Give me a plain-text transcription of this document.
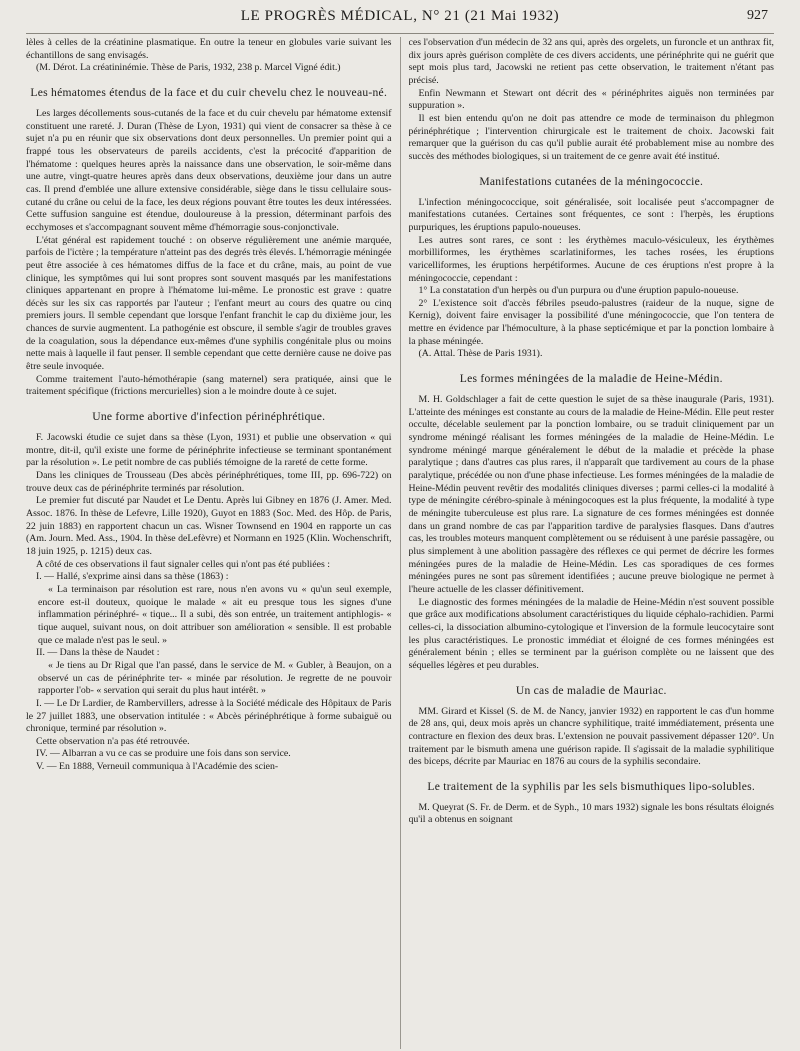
LE PROGRÈS MÉDICAL, N° 21 (21 Mai 1932)	927

lèles à celles de la créatinine plasmatique. En outre la teneur en globules varie suivant les échantillons de sang envisagés.

(M. Dérot. La créatininémie. Thèse de Paris, 1932, 238 p. Marcel Vigné édit.)

Les hématomes étendus de la face et du cuir chevelu chez le nouveau-né.

Les larges décollements sous-cutanés de la face et du cuir chevelu par hématome extensif constituent une rareté. J. Duran (Thèse de Lyon, 1931) qui vient de consacrer sa thèse à ce sujet n'a pu en réunir que six observations dont deux personnelles. Un premier point qui a frappé tous les observateurs de pareils accidents, c'est la précocité d'apparition de l'hématome : quelques heures après la naissance dans une observation, le soir-même dans une autre, vingt-quatre heures après dans deux observations, deuxième jour dans un autre cas. Il prend d'emblée une allure extensive considérable, siège dans le tissu cellulaire sous-cutané du crâne ou celui de la face, les deux régions pouvant être toutes les deux intéressées. Cette suffusion sanguine est étendue, douloureuse à la pression, déterminant parfois des ecchymoses et s'accompagnant souvent même d'hémorragie sous-conjonctivale.

L'état général est rapidement touché : on observe régulièrement une anémie marquée, parfois de l'ictère ; la température n'atteint pas des degrés très élevés. L'hémorragie méningée peut être associée à ces hématomes diffus de la face et du crâne, mais, au point de vue clinique, les symptômes qui lui sont propres sont souvent masqués par les manifestations cliniques appartenant en propre à l'hématome lui-même. Le pronostic est grave : quatre décès sur les six cas rapportés par l'auteur ; l'enfant meurt au cours des quatre ou cinq premiers jours. Il semble cependant que lorsque l'enfant franchit le cap du dixième jour, les chances de survie augmentent. La pathogénie est obscure, il semble s'agir de troubles graves de la coagulation, sous la dépendance eux-mêmes d'une syphilis congénitale plus ou moins nette mais à laquelle il faut penser. Il semble cependant que cette dernière cause ne doive pas être seule invoquée.

Comme traitement l'auto-hémothérapie (sang maternel) sera pratiquée, ainsi que le traitement spécifique (frictions mercurielles) sion a le moindre doute à ce sujet.

Une forme abortive d'infection périnéphrétique.

F. Jacowski étudie ce sujet dans sa thèse (Lyon, 1931) et publie une observation « qui montre, dit-il, qu'il existe une forme de périnéphrite infectieuse se terminant spontanément par la résolution ». Le petit nombre de cas publiés témoigne de la rareté de cette forme.

Dans les cliniques de Trousseau (Des abcès périnéphrétiques, tome III, pp. 696-722) on trouve deux cas de périnéphrite terminés par résolution.

Le premier fut discuté par Naudet et Le Dentu. Après lui Gibney en 1876 (J. Amer. Med. Assoc. 1876. In thèse de Lefevre, Lille 1920), Guyot en 1883 (Soc. Med. des Hôp. de Paris, 22 juin 1883) en rapportent chacun un cas. Wisner Townsend en 1904 en rapporte un cas (Am. Journ. Med. Ass., 1904. In thèse deLefèvre) et Normann en 1925 (Klin. Wochenschrift, 18 juin 1925, p. 1215) deux cas.

A côté de ces observations il faut signaler celles qui n'ont pas été publiées :

I. — Hallé, s'exprime ainsi dans sa thèse (1863) :

« La terminaison par résolution est rare, nous n'en avons vu « qu'un seul exemple, encore est-il douteux, quoique le malade « ait eu presque tous les signes d'une inflammation périnéphré- « tique... Il a subi, dès son entrée, un traitement antiphlogis- « tique auquel, suivant nous, on doit attribuer son amélioration « sensible. Il est probable que ce malade n'est pas le seul. »

II. — Dans la thèse de Naudet :

« Je tiens au Dr Rigal que l'an passé, dans le service de M. « Gubler, à Beaujon, on a observé un cas de périnéphrite ter- « minée par résolution. Je regrette de ne pouvoir rapporter l'ob- « servation qui serait du plus haut intérêt. »

I. — Le Dr Lardier, de Rambervillers, adresse à la Société médicale des Hôpitaux de Paris le 27 juillet 1883, une observation intitulée : « Abcès périnéphrétique à forme subaiguë ou chronique, terminé par résolution ».

Cette observation n'a pas été retrouvée.

IV. — Albarran a vu ce cas se produire une fois dans son service.

V. — En 1888, Verneuil communiqua à l'Académie des scien-

ces l'observation d'un médecin de 32 ans qui, après des orgelets, un furoncle et un anthrax fit, dix jours après guérison complète de ces divers accidents, une périnéphrite qui ne guérit que sept mois plus tard, Jacowski ne retient pas cette observation, le traitement n'étant pas précisé.

Enfin Newmann et Stewart ont décrit des « périnéphrites aiguës non terminées par suppuration ».

Il est bien entendu qu'on ne doit pas attendre ce mode de terminaison du phlegmon périnéphrétique ; l'intervention chirurgicale est le traitement de choix. Jacowski fait remarquer que la guérison du cas qu'il publie aurait été probablement mise au nombre des succès des méthodes biologiques, si un traitement de ce genre avait été institué.

Manifestations cutanées de la méningococcie.

L'infection méningococcique, soit généralisée, soit localisée peut s'accompagner de manifestations cutanées. Certaines sont fréquentes, ce sont : l'herpès, les éruptions purpuriques, les éruptions papulo-noueuses.

Les autres sont rares, ce sont : les érythèmes maculo-vésiculeux, les érythèmes morbilliformes, les érythèmes scarlatiniformes, les taches rosées, les éruptions varicelliformes, les éruptions herpétiformes. Aucune de ces éruptions n'est propre à la méningococcie, cependant :

1° La constatation d'un herpès ou d'un purpura ou d'une éruption papulo-noueuse.

2° L'existence soit d'accès fébriles pseudo-palustres (raideur de la nuque, signe de Kernig), doivent faire envisager la possibilité d'une méningococcie, que l'on tentera de mettre en évidence par l'hémoculture, à la phase septicémique et par la ponction lombaire à la phase méningée.

(A. Attal. Thèse de Paris 1931).

Les formes méningées de la maladie de Heine-Médin.

M. H. Goldschlager a fait de cette question le sujet de sa thèse inaugurale (Paris, 1931). L'atteinte des méninges est constante au cours de la maladie de Heine-Médin. Elle peut rester occulte, décelable seulement par la ponction lombaire, ou se traduit cliniquement par un syndrome méningé réalisant les formes méningées de la maladie de Heine-Médin. Le syndrome méningé marque généralement le début de la maladie et précède la phase paralytique ; dans d'autres cas plus rares, il n'apparaît que tardivement au cours de la phase paralytique, précédée ou non d'une phase infectieuse. Les formes méningées de la maladie de Heine-Médin peuvent revêtir des modalités cliniques diverses ; parmi celles-ci la modalité à type de méningite cérébro-spinale à méningocoques est la plus fréquente, la modalité à type de méningite tuberculeuse est plus rare. La signature de ces formes méningées est donnée dans un grand nombre de cas par l'apparition tardive de paralysies flasques. Dans d'autres cas, les troubles moteurs manquent complètement ou se réduisent à une parésie passagère, ou plus simplement à une abolition passagère des réflexes ce qui permet de décrire les formes méningées pures de la maladie de Heine-Médin. Les cas sporadiques de ces formes méningées pures ne sont pas sûrement identifiées ; aucune preuve biologique ne permet à l'heure actuelle de les classer définitivement.

Le diagnostic des formes méningées de la maladie de Heine-Médin n'est souvent possible que grâce aux modifications absolument caractéristiques du liquide céphalo-rachidien. Parmi celles-ci, la dissociation albumino-cytologique et l'inversion de la formule leucocytaire sont les plus caractéristiques. Le pronostic immédiat et éloigné de ces formes méningées est généralement bénin ; elles se terminent par la guérison complète ou ne laissent que des séquelles légères et peu durables.

Un cas de maladie de Mauriac.

MM. Girard et Kissel (S. de M. de Nancy, janvier 1932) en rapportent le cas d'un homme de 28 ans, qui, deux mois après un chancre syphilitique, traité immédiatement, présenta une contracture en flexion des deux bras. L'extension ne pouvait passivement dépasser 120°. Un traitement par le bismuth amena une guérison rapide. Il s'agissait de la maladie syphilitique des biceps, décrite par Mauriac en 1876 au cours de la syphilis secondaire.

Le traitement de la syphilis par les sels bismuthiques lipo-solubles.

M. Queyrat (S. Fr. de Derm. et de Syph., 10 mars 1932) signale les bons résultats éloignés qu'il a obtenus en soignant
